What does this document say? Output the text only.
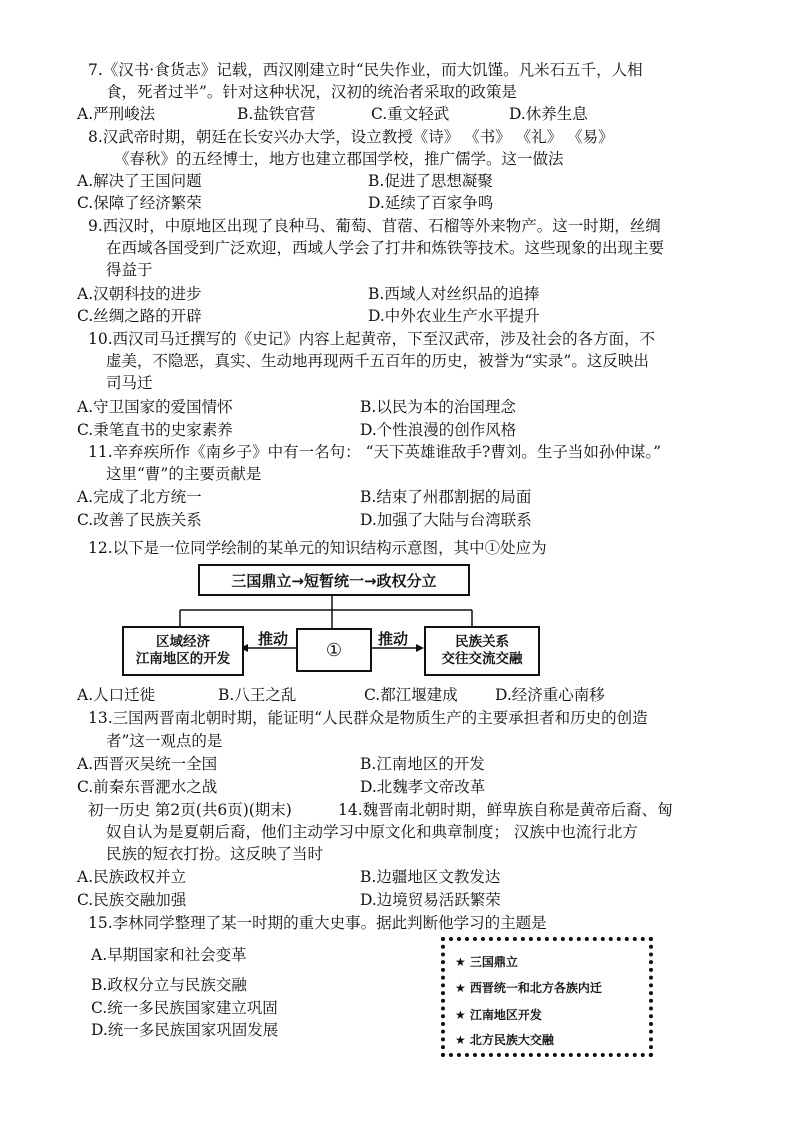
7.《汉书·食货志》记载，西汉刚建立时“民失作业，而大饥馑。凡米石五千，人相
食，死者过半”。针对这种状况，汉初的统治者采取的政策是
A.严刑峻法	B.盐铁官营	C.重文轻武	D.休养生息
8.汉武帝时期，朝廷在长安兴办大学，设立教授《诗》 《书》 《礼》 《易》
《春秋》的五经博士，地方也建立郡国学校，推广儒学。这一做法
A.解决了王国问题	B.促进了思想凝聚
C.保障了经济繁荣	D.延续了百家争鸣
9.西汉时，中原地区出现了良种马、葡萄、苜蓿、石榴等外来物产。这一时期，丝绸
在西域各国受到广泛欢迎，西域人学会了打井和炼铁等技术。这些现象的出现主要
得益于
A.汉朝科技的进步	B.西域人对丝织品的追捧
C.丝绸之路的开辟	D.中外农业生产水平提升
10.西汉司马迁撰写的《史记》内容上起黄帝，下至汉武帝，涉及社会的各方面，不
虚美，不隐恶，真实、生动地再现两千五百年的历史，被誉为“实录”。这反映出
司马迁
A.守卫国家的爱国情怀	B.以民为本的治国理念
C.秉笔直书的史家素养	D.个性浪漫的创作风格
11.辛弃疾所作《南乡子》中有一名句： “天下英雄谁敌手?曹刘。生子当如孙仲谋。”
这里“曹”的主要贡献是
A.完成了北方统一	B.结束了州郡割据的局面
C.改善了民族关系	D.加强了大陆与台湾联系
12.以下是一位同学绘制的某单元的知识结构示意图，其中①处应为
三国鼎立→短暂统一→政权分立
区域经济
江南地区的开发	①	民族关系
交往交流交融
推动	推动
A.人口迁徙	B.八王之乱	C.都江堰建成 D.经济重心南移
13.三国两晋南北朝时期，能证明“人民群众是物质生产的主要承担者和历史的创造
者”这一观点的是
A.西晋灭吴统一全国	B.江南地区的开发
C.前秦东晋淝水之战	D.北魏孝文帝改革
初一历史 第2页(共6页)(期末)	14.魏晋南北朝时期，鲜卑族自称是黄帝后裔、匈
奴自认为是夏朝后裔，他们主动学习中原文化和典章制度； 汉族中也流行北方
民族的短衣打扮。这反映了当时
A.民族政权并立	B.边疆地区文教发达
C.民族交融加强	D.边境贸易活跃繁荣
15.李林同学整理了某一时期的重大史事。据此判断他学习的主题是
A.早期国家和社会变革
B.政权分立与民族交融
C.统一多民族国家建立巩固
D.统一多民族国家巩固发展
★ 三国鼎立
★ 西晋统一和北方各族内迁
★ 江南地区开发
★ 北方民族大交融
